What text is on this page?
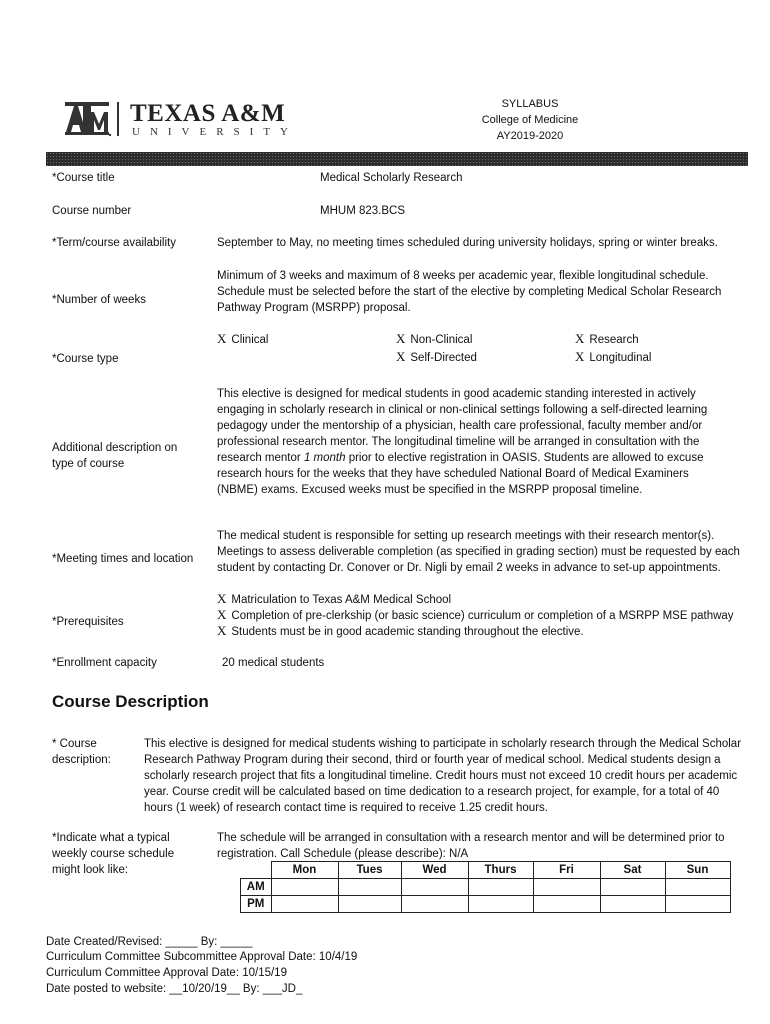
TEXAS A&M
UNIVERSITY
SYLLABUS
College of Medicine
AY2019-2020
*Course title	Medical Scholarly Research
Course number	MHUM 823.BCS
*Term/course availability	September to May, no meeting times scheduled during university holidays, spring or winter breaks.
*Number of weeks
Minimum of 3 weeks and maximum of 8 weeks per academic year, flexible longitudinal schedule. Schedule must be selected before the start of the elective by completing Medical Scholar Research Pathway Program (MSRPP) proposal.
*Course type
X Clinical	X Non-Clinical	X Research
X Self-Directed	X Longitudinal
Additional description on type of course
This elective is designed for medical students in good academic standing interested in actively engaging in scholarly research in clinical or non-clinical settings following a self-directed learning pedagogy under the mentorship of a physician, health care professional, faculty member and/or professional research mentor. The longitudinal timeline will be arranged in consultation with the research mentor 1 month prior to elective registration in OASIS. Students are allowed to excuse research hours for the weeks that they have scheduled National Board of Medical Examiners (NBME) exams. Excused weeks must be specified in the MSRPP proposal timeline.
*Meeting times and location
The medical student is responsible for setting up research meetings with their research mentor(s). Meetings to assess deliverable completion (as specified in grading section) must be requested by each student by contacting Dr. Conover or Dr. Nigli by email 2 weeks in advance to set-up appointments.
*Prerequisites
X Matriculation to Texas A&M Medical School
X Completion of pre-clerkship (or basic science) curriculum or completion of a MSRPP MSE pathway
X Students must be in good academic standing throughout the elective.
*Enrollment capacity	20 medical students
Course Description
* Course
description:
This elective is designed for medical students wishing to participate in scholarly research through the Medical Scholar Research Pathway Program during their second, third or fourth year of medical school. Medical students design a scholarly research project that fits a longitudinal timeline. Credit hours must not exceed 10 credit hours per academic year. Course credit will be calculated based on time dedication to a research project, for example, for a total of 40 hours (1 week) of research contact time is required to receive 1.25 credit hours.
*Indicate what a typical weekly course schedule might look like:
The schedule will be arranged in consultation with a research mentor and will be determined prior to registration. Call Schedule (please describe): N/A
	Mon	Tues	Wed	Thurs	Fri	Sat	Sun
AM							
PM							
Date Created/Revised: _____ By: _____
Curriculum Committee Subcommittee Approval Date: 10/4/19
Curriculum Committee Approval Date: 10/15/19
Date posted to website: __10/20/19__ By: ___JD_
